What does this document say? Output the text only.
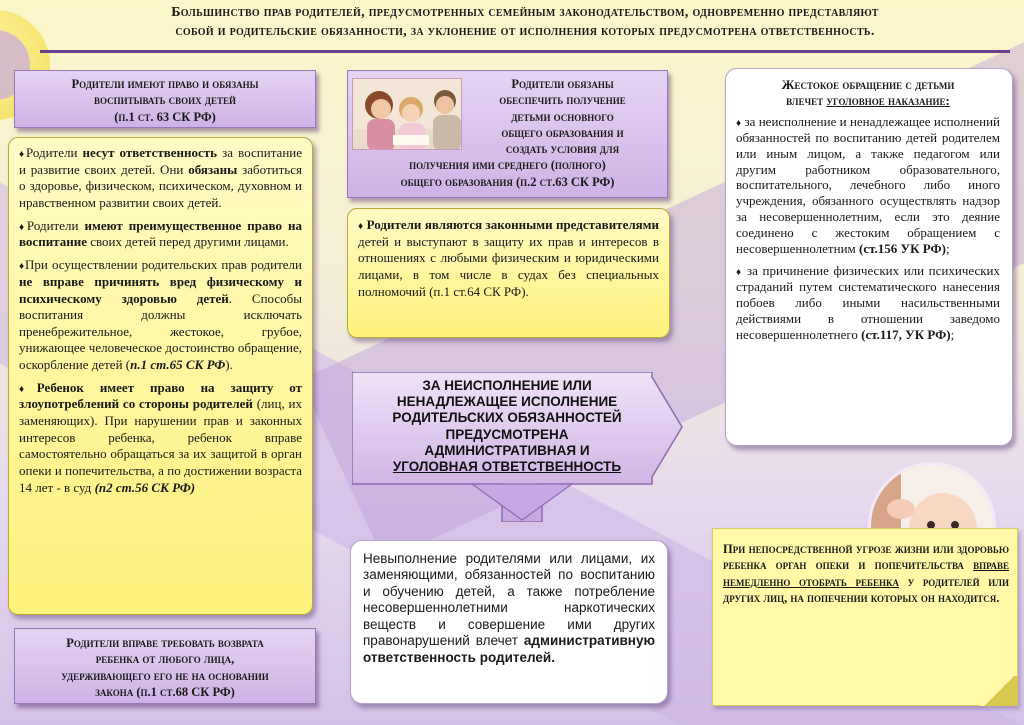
Большинство прав родителей, предусмотренных семейным законодательством, одновременно представляют
собой и родительские обязанности, за уклонение от исполнения которых предусмотрена ответственность.
Родители имеют право и обязаны
воспитывать своих детей
(п.1 ст. 63 СК РФ)
♦Родители несут ответственность за воспитание и развитие своих детей. Они обязаны заботиться о здоровье, физическом, психическом, духовном и нравственном развитии своих детей.
♦Родители имеют преимущественное право на воспитание своих детей перед другими лицами.
♦При осуществлении родительских прав родители не вправе причинять вред физическому и психическому здоровью детей. Способы воспитания должны исключать пренебрежительное, жестокое, грубое, унижающее человеческое достоинство обращение, оскорбление детей (п.1 ст.65 СК РФ).
♦Ребенок имеет право на защиту от злоупотреблений со стороны родителей (лиц, их заменяющих). При нарушении прав и законных интересов ребенка, ребенок вправе самостоятельно обращаться за их защитой в орган опеки и попечительства, а по достижении возраста 14 лет - в суд (п2 ст.56 СК РФ)
Родители вправе требовать возврата
ребенка от любого лица,
удерживающего его не на основании
закона (п.1 ст.68 СК РФ)
Родители обязаны
обеспечить получение
детьми основного
общего образования и
создать условия для
получения ими среднего (полного)
общего образования (п.2 ст.63 СК РФ)
♦ Родители являются законными представителями детей и выступают в защиту их прав и интересов в отношениях с любыми физическим и юридическими лицами, в том числе в судах без специальных полномочий (п.1 ст.64 СК РФ).
ЗА НЕИСПОЛНЕНИЕ ИЛИ
НЕНАДЛЕЖАЩЕЕ ИСПОЛНЕНИЕ
РОДИТЕЛЬСКИХ ОБЯЗАННОСТЕЙ
ПРЕДУСМОТРЕНА
АДМИНИСТРАТИВНАЯ И
УГОЛОВНАЯ ОТВЕТСТВЕННОСТЬ
Невыполнение родителями или лицами, их заменяющими, обязанностей по воспитанию и обучению детей, а также потребление несовершеннолетними наркотических веществ и совершение ими других правонарушений влечет административную ответственность родителей.
Жестокое обращение с детьми
влечет уголовное наказание:
♦ за неисполнение и ненадлежащее исполнений обязанностей по воспитанию детей родителем или иным лицом, а также педагогом или другим работником образовательного, воспитательного, лечебного либо иного учреждения, обязанного осуществлять надзор за несовершеннолетним, если это деяние соединено с жестоким обращением с несовершеннолетним (ст.156 УК РФ);
♦ за причинение физических или психических страданий путем систематического нанесения побоев либо иными насильственными действиями в отношении заведомо несовершеннолетнего (ст.117, УК РФ);
При непосредственной угрозе жизни или здоровью ребенка орган опеки и попечительства вправе немедленно отобрать ребенка у родителей или других лиц, на попечении которых он находится.
